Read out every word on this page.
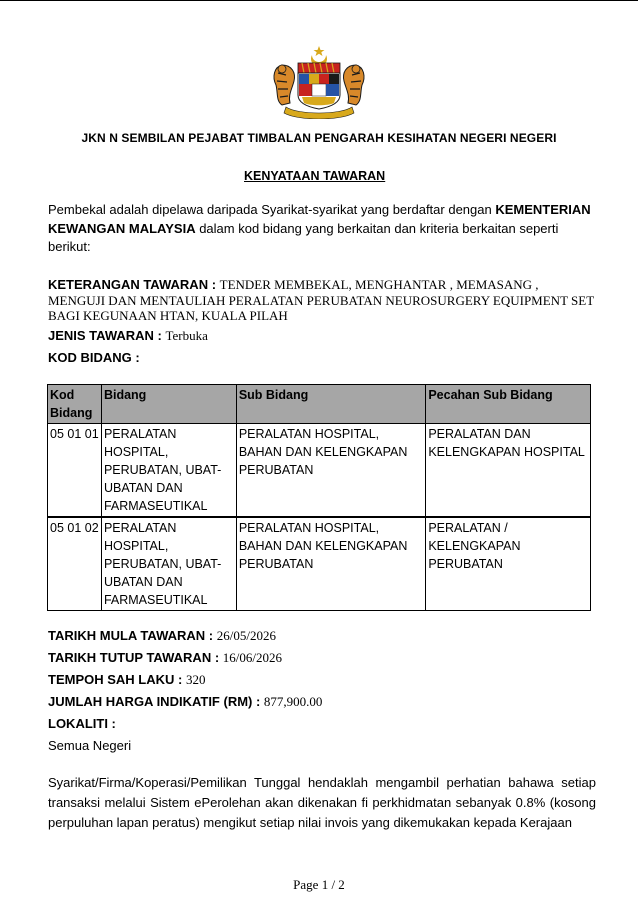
JKN N SEMBILAN PEJABAT TIMBALAN PENGARAH KESIHATAN NEGERI NEGERI
KENYATAAN TAWARAN
Pembekal adalah dipelawa daripada Syarikat-syarikat yang berdaftar dengan KEMENTERIAN KEWANGAN MALAYSIA dalam kod bidang yang berkaitan dan kriteria berkaitan seperti berikut:
KETERANGAN TAWARAN : TENDER MEMBEKAL, MENGHANTAR , MEMASANG , MENGUJI DAN MENTAULIAH PERALATAN PERUBATAN NEUROSURGERY EQUIPMENT SET BAGI KEGUNAAN HTAN, KUALA PILAH
JENIS TAWARAN : Terbuka
KOD BIDANG :
Kod Bidang	Bidang	Sub Bidang	Pecahan Sub Bidang
05 01 01	PERALATAN HOSPITAL, PERUBATAN, UBAT-UBATAN DAN FARMASEUTIKAL	PERALATAN HOSPITAL, BAHAN DAN KELENGKAPAN PERUBATAN	PERALATAN DAN KELENGKAPAN HOSPITAL
05 01 02	PERALATAN HOSPITAL, PERUBATAN, UBAT-UBATAN DAN FARMASEUTIKAL	PERALATAN HOSPITAL, BAHAN DAN KELENGKAPAN PERUBATAN	PERALATAN / KELENGKAPAN PERUBATAN
TARIKH MULA TAWARAN : 26/05/2026
TARIKH TUTUP TAWARAN : 16/06/2026
TEMPOH SAH LAKU : 320
JUMLAH HARGA INDIKATIF (RM) : 877,900.00
LOKALITI :
Semua Negeri
Syarikat/Firma/Koperasi/Pemilikan Tunggal hendaklah mengambil perhatian bahawa setiap transaksi melalui Sistem ePerolehan akan dikenakan fi perkhidmatan sebanyak 0.8% (kosong perpuluhan lapan peratus) mengikut setiap nilai invois yang dikemukakan kepada Kerajaan
Page 1 / 2
